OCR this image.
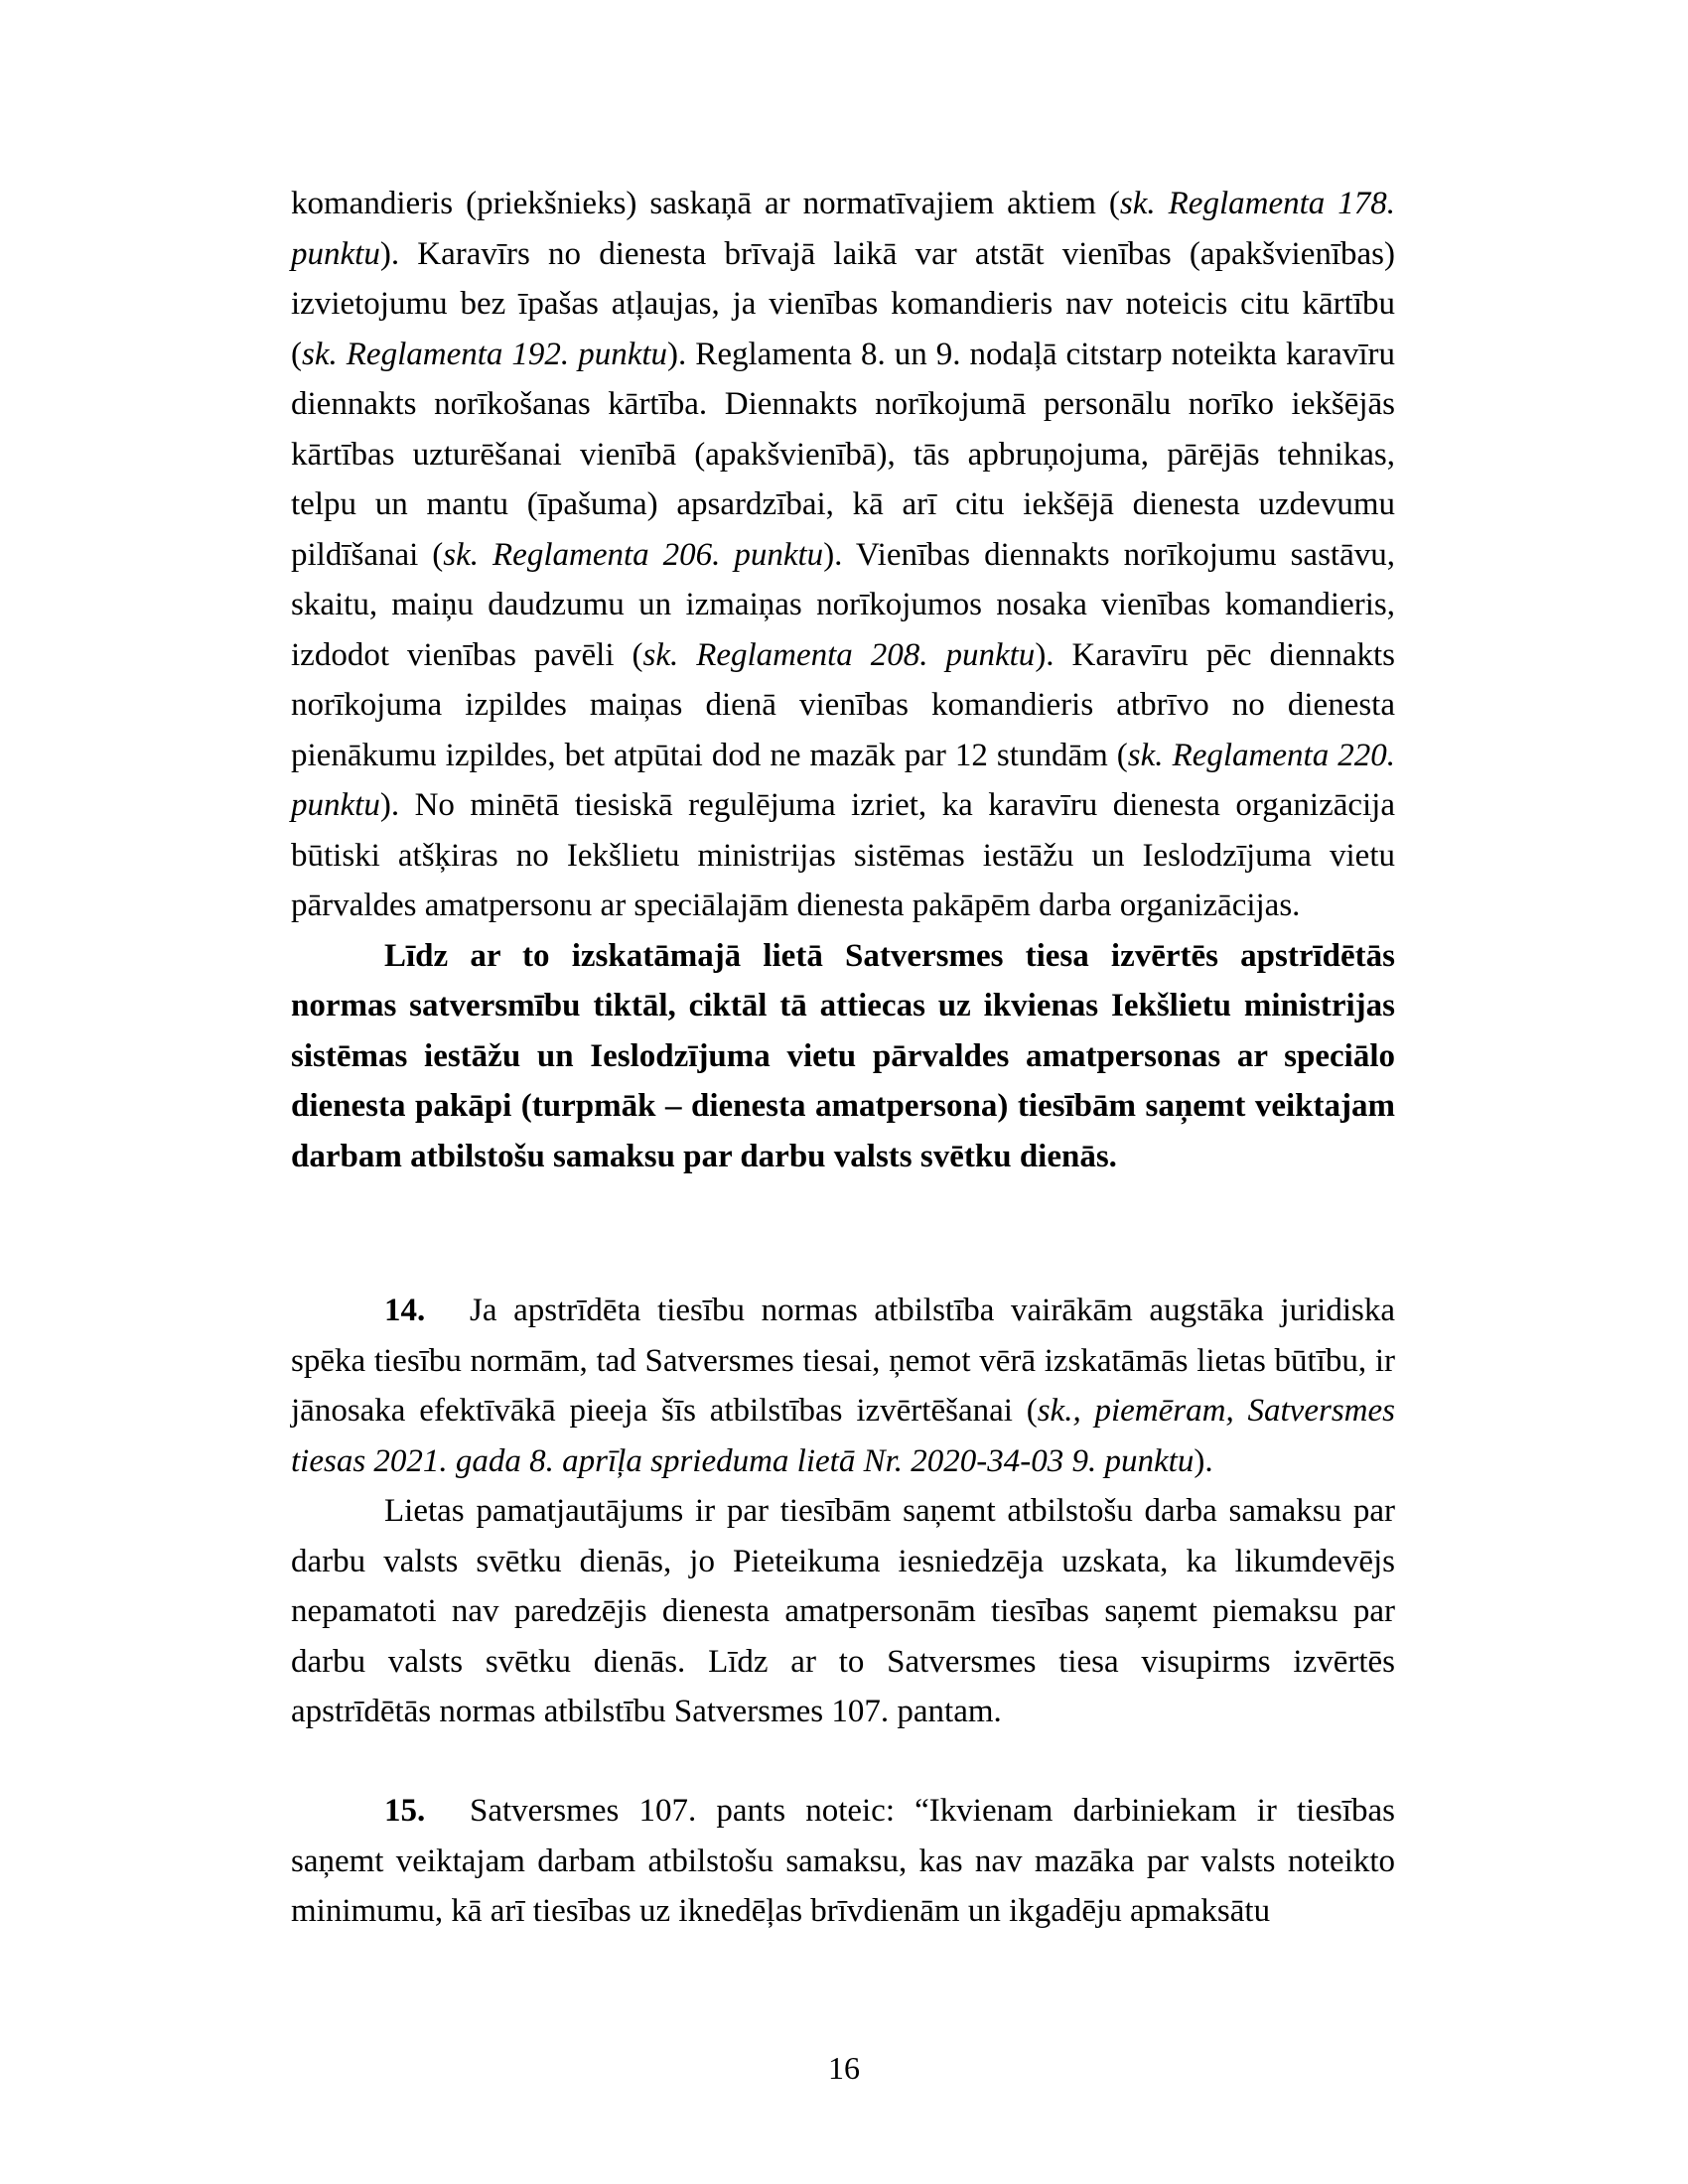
komandieris (priekšnieks) saskaņā ar normatīvajiem aktiem (sk. Reglamenta 178. punktu). Karavīrs no dienesta brīvajā laikā var atstāt vienības (apakšvienības) izvietojumu bez īpašas atļaujas, ja vienības komandieris nav noteicis citu kārtību (sk. Reglamenta 192. punktu). Reglamenta 8. un 9. nodaļā citstarp noteikta karavīru diennakts norīkošanas kārtība. Diennakts norīkojumā personālu norīko iekšējās kārtības uzturēšanai vienībā (apakšvienībā), tās apbruņojuma, pārējās tehnikas, telpu un mantu (īpašuma) apsardzībai, kā arī citu iekšējā dienesta uzdevumu pildīšanai (sk. Reglamenta 206. punktu). Vienības diennakts norīkojumu sastāvu, skaitu, maiņu daudzumu un izmaiņas norīkojumos nosaka vienības komandieris, izdodot vienības pavēli (sk. Reglamenta 208. punktu). Karavīru pēc diennakts norīkojuma izpildes maiņas dienā vienības komandieris atbrīvo no dienesta pienākumu izpildes, bet atpūtai dod ne mazāk par 12 stundām (sk. Reglamenta 220. punktu). No minētā tiesiskā regulējuma izriet, ka karavīru dienesta organizācija būtiski atšķiras no Iekšlietu ministrijas sistēmas iestāžu un Ieslodzījuma vietu pārvaldes amatpersonu ar speciālajām dienesta pakāpēm darba organizācijas.

Līdz ar to izskatāmajā lietā Satversmes tiesa izvērtēs apstrīdētās normas satversmību tiktāl, ciktāl tā attiecas uz ikvienas Iekšlietu ministrijas sistēmas iestāžu un Ieslodzījuma vietu pārvaldes amatpersonas ar speciālo dienesta pakāpi (turpmāk – dienesta amatpersona) tiesībām saņemt veiktajam darbam atbilstošu samaksu par darbu valsts svētku dienās.

14. Ja apstrīdēta tiesību normas atbilstība vairākām augstāka juridiska spēka tiesību normām, tad Satversmes tiesai, ņemot vērā izskatāmās lietas būtību, ir jānosaka efektīvākā pieeja šīs atbilstības izvērtēšanai (sk., piemēram, Satversmes tiesas 2021. gada 8. aprīļa sprieduma lietā Nr. 2020-34-03 9. punktu).

Lietas pamatjautājums ir par tiesībām saņemt atbilstošu darba samaksu par darbu valsts svētku dienās, jo Pieteikuma iesniedzēja uzskata, ka likumdevējs nepamatoti nav paredzējis dienesta amatpersonām tiesības saņemt piemaksu par darbu valsts svētku dienās. Līdz ar to Satversmes tiesa visupirms izvērtēs apstrīdētās normas atbilstību Satversmes 107. pantam.

15. Satversmes 107. pants noteic: “Ikvienam darbiniekam ir tiesības saņemt veiktajam darbam atbilstošu samaksu, kas nav mazāka par valsts noteikto minimumu, kā arī tiesības uz iknedēļas brīvdienām un ikgadēju apmaksātu

16
